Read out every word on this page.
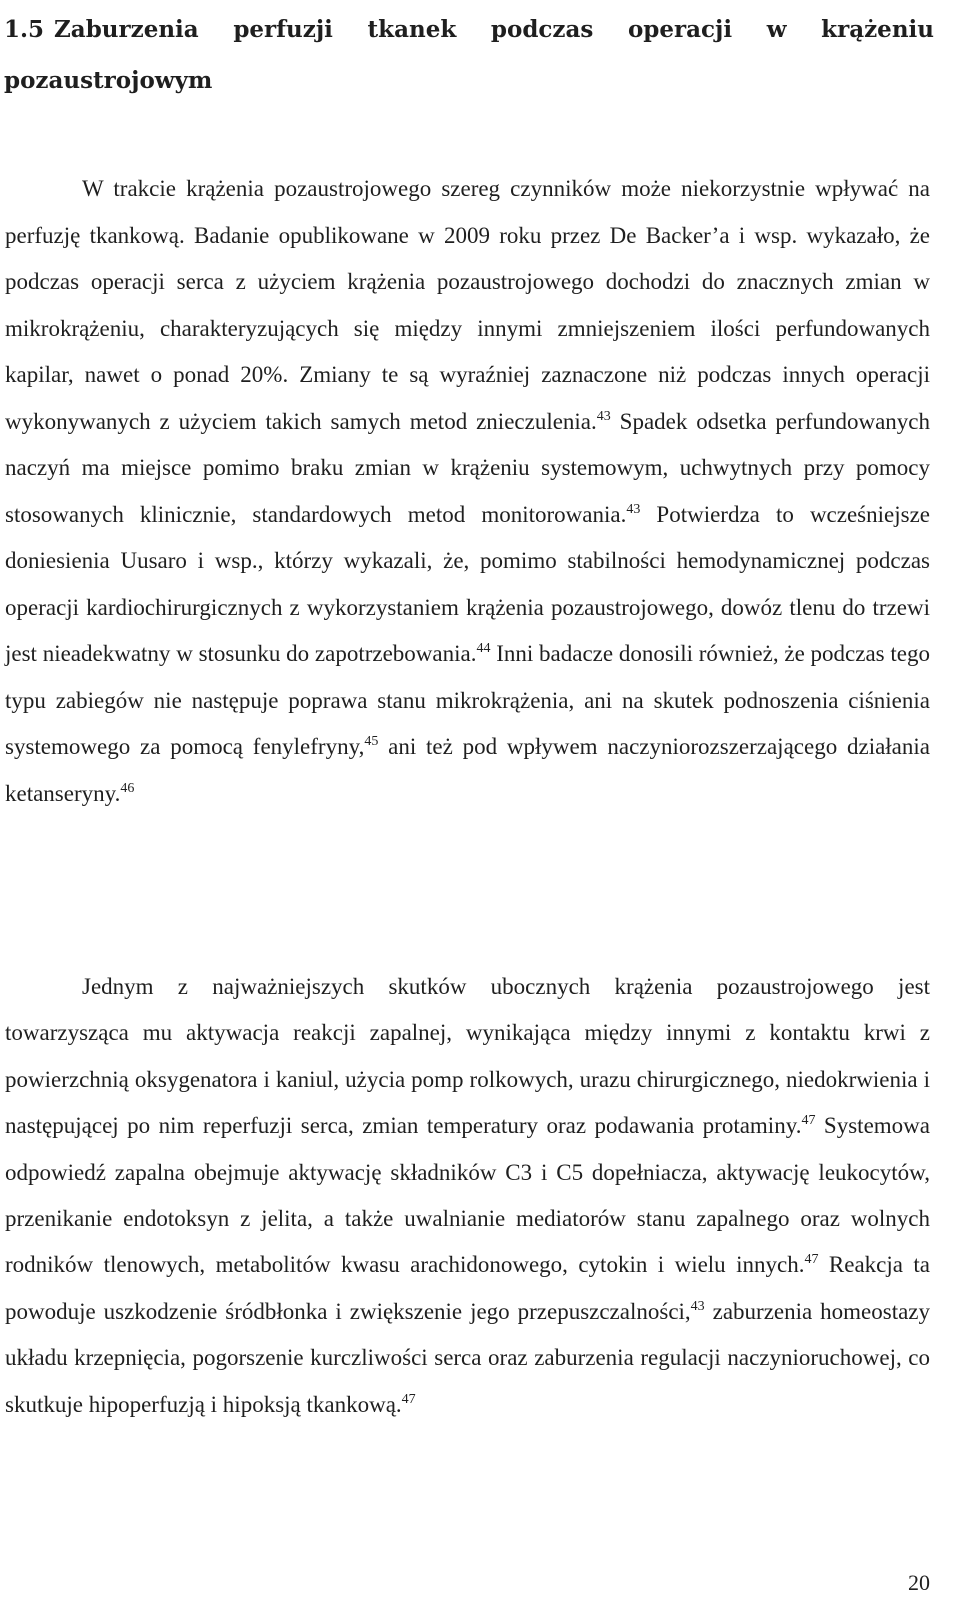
1.5 Zaburzenia perfuzji tkanek podczas operacji w krążeniu pozaustrojowym

W trakcie krążenia pozaustrojowego szereg czynników może niekorzystnie wpływać na perfuzję tkankową. Badanie opublikowane w 2009 roku przez De Backer’a i wsp. wykazało, że podczas operacji serca z użyciem krążenia pozaustrojowego dochodzi do znacznych zmian w mikrokrążeniu, charakteryzujących się między innymi zmniejszeniem ilości perfundowanych kapilar, nawet o ponad 20%. Zmiany te są wyraźniej zaznaczone niż podczas innych operacji wykonywanych z użyciem takich samych metod znieczulenia.$^{43}$ Spadek odsetka perfundowanych naczyń ma miejsce pomimo braku zmian w krążeniu systemowym, uchwytnych przy pomocy stosowanych klinicznie, standardowych metod monitorowania.$^{43}$ Potwierdza to wcześniejsze doniesienia Uusaro i wsp., którzy wykazali, że, pomimo stabilności hemodynamicznej podczas operacji kardiochirurgicznych z wykorzystaniem krążenia pozaustrojowego, dowóz tlenu do trzewi jest nieadekwatny w stosunku do zapotrzebowania.$^{44}$ Inni badacze donosili również, że podczas tego typu zabiegów nie następuje poprawa stanu mikrokrążenia, ani na skutek podnoszenia ciśnienia systemowego za pomocą fenylefryny,$^{45}$ ani też pod wpływem naczyniorozszerzającego działania ketanseryny.$^{46}$

Jednym z najważniejszych skutków ubocznych krążenia pozaustrojowego jest towarzysząca mu aktywacja reakcji zapalnej, wynikająca między innymi z kontaktu krwi z powierzchnią oksygenatora i kaniul, użycia pomp rolkowych, urazu chirurgicznego, niedokrwienia i następującej po nim reperfuzji serca, zmian temperatury oraz podawania protaminy.$^{47}$ Systemowa odpowiedź zapalna obejmuje aktywację składników C3 i C5 dopełniacza, aktywację leukocytów, przenikanie endotoksyn z jelita, a także uwalnianie mediatorów stanu zapalnego oraz wolnych rodników tlenowych, metabolitów kwasu arachidonowego, cytokin i wielu innych.$^{47}$ Reakcja ta powoduje uszkodzenie śródbłonka i zwiększenie jego przepuszczalności,$^{43}$ zaburzenia homeostazy układu krzepnięcia, pogorszenie kurczliwości serca oraz zaburzenia regulacji naczynioruchowej, co skutkuje hipoperfuzją i hipoksją tkankową.$^{47}$

20
